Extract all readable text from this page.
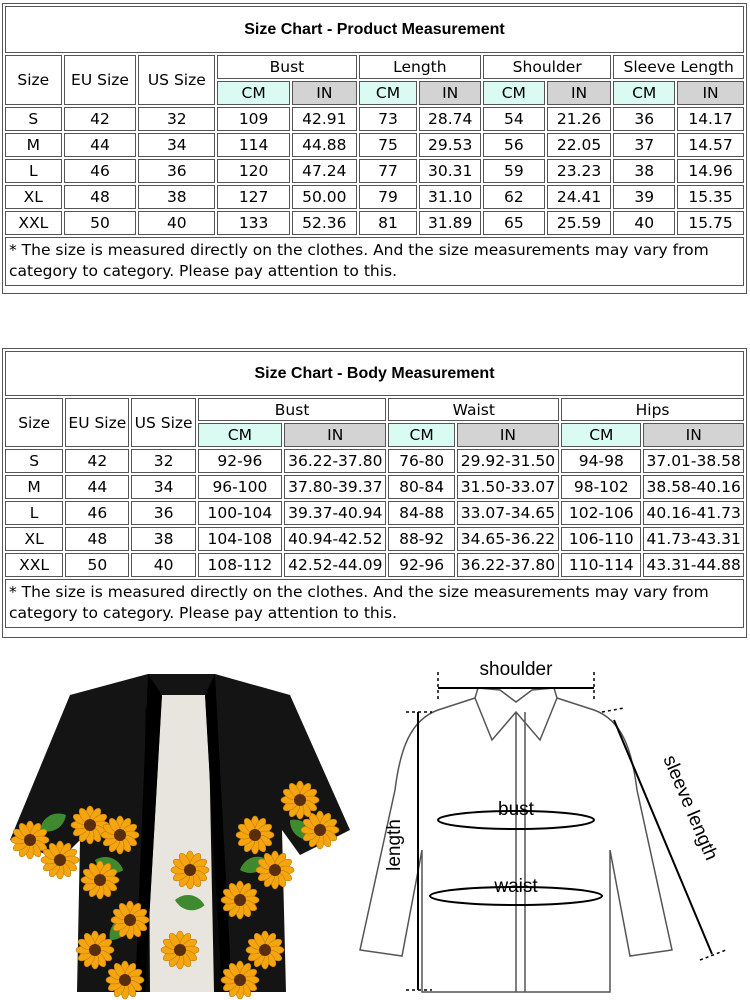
Size Chart - Product Measurement										
Size	EU Size	US Size	Bust		Length		Shoulder		Sleeve Length	
			CM	IN	CM	IN	CM	IN	CM	IN
S	42	32	109	42.91	73	28.74	54	21.26	36	14.17
M	44	34	114	44.88	75	29.53	56	22.05	37	14.57
L	46	36	120	47.24	77	30.31	59	23.23	38	14.96
XL	48	38	127	50.00	79	31.10	62	24.41	39	15.35
XXL	50	40	133	52.36	81	31.89	65	25.59	40	15.75
* The size is measured directly on the clothes. And the size measurements may vary from category to category. Please pay attention to this.										
Size Chart - Body Measurement								
Size	EU Size	US Size	Bust		Waist		Hips	
			CM	IN	CM	IN	CM	IN
S	42	32	92-96	36.22-37.80	76-80	29.92-31.50	94-98	37.01-38.58
M	44	34	96-100	37.80-39.37	80-84	31.50-33.07	98-102	38.58-40.16
L	46	36	100-104	39.37-40.94	84-88	33.07-34.65	102-106	40.16-41.73
XL	48	38	104-108	40.94-42.52	88-92	34.65-36.22	106-110	41.73-43.31
XXL	50	40	108-112	42.52-44.09	92-96	36.22-37.80	110-114	43.31-44.88
* The size is measured directly on the clothes. And the size measurements may vary from category to category. Please pay attention to this.								
shoulder
bust
waist
length	sleeve length
